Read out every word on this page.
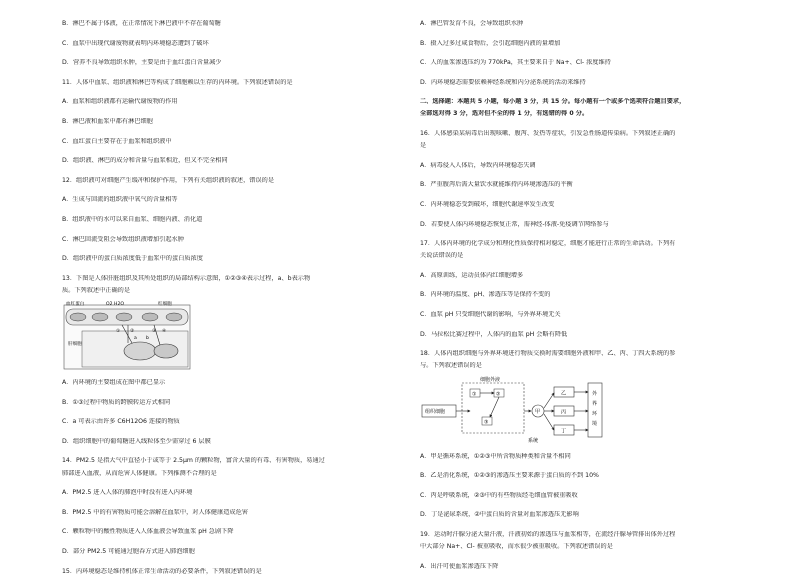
B．淋巴不属于体液，在正常情况下淋巴液中不存在葡萄糖
C．血浆中出现代谢废物就表明内环境稳态遭到了破坏
D．营养不良导致组织水肿，主要是由于血红蛋白含量减少
11．人体中血浆、组织液和淋巴等构成了细胞赖以生存的内环境。下列叙述错误的是
A．血浆和组织液都有运输代谢废物的作用
B．淋巴液和血浆中都有淋巴细胞
C．血红蛋白主要存在于血浆和组织液中
D．组织液、淋巴的成分和含量与血浆相近，但又不完全相同
12．组织液可对细胞产生缓冲和保护作用，下列有关组织液的叙述，错误的是
A．生成与回流的组织液中氧气的含量相等
B．组织液中的水可以来自血浆、细胞内液、消化道
C．淋巴回流受阻会导致组织液增加引起水肿
D．组织液中的蛋白质浓度低于血浆中的蛋白质浓度
13．下图是人体肝脏组织及其所处组织的局部结构示意图，①②③④表示过程，a、b表示物
质。下列叙述中正确的是
血红蛋白	O2 H2O	红细胞
肝细胞
① ②	③ ④
a b
A．内环境的主要组成在图中都已显示
B．①③过程中物质的跨膜转运方式相同
C．a 可表示由许多 C6H12O6 连接的物质
D．组织细胞中的葡萄糖进入线粒体至少需穿过 6 层膜
14．PM2.5 是指大气中直径小于或等于 2.5μm 的颗粒物，富含大量的有毒、有害物质，易通过
肺部进入血液，从而危害人体健康。下列推测不合理的是
A．PM2.5 进入人体的肺泡中时没有进入内环境
B．PM2.5 中的有害物质可能会溶解在血浆中，对人体健康造成危害
C．颗粒物中的酸性物质进入人体血液会导致血浆 pH 急剧下降
D．部分 PM2.5 可能通过胞吞方式进入肺泡细胞
15．内环境稳态是维持机体正常生命活动的必要条件，下列叙述错误的是
A．淋巴管发育不良，会导致组织水肿
B．摄入过多过咸食物后，会引起细胞内液的量增加
C．人的血浆渗透压约为 770kPa，其主要来自于 Na+、Cl- 浓度维持
D．内环境稳态需要依赖神经系统和内分泌系统的活动来维持
二、选择题：本题共 5 小题，每小题 3 分，共 15 分。每小题有一个或多个选项符合题目要求，
全部选对得 3 分，选对但不全的得 1 分，有选错的得 0 分。
16．人体感染某病毒后出现咳嗽、腹泻、发热等症状，引发急性肠道传染病。下列叙述正确的
是
A．病毒侵入人体后，导致内环境稳态失调
B．严重腹泻后需大量饮水就能维持内环境渗透压的平衡
C．内环境稳态受到破坏，细胞代谢速率发生改变
D．若要使人体内环境稳态恢复正常，需神经-体液-免疫调节网络参与
17．人体内环境的化学成分和理化性质保持相对稳定，细胞才能进行正常的生命活动。下列有
关说法错误的是
A．高原训练，运动员体内红细胞增多
B．内环境的温度、pH、渗透压等是保持不变的
C．血浆 pH 只受细胞代谢的影响，与外界环境无关
D．马拉松比赛过程中，人体内的血浆 pH 会略有降低
18．人体内组织细胞与外界环境进行物质交换时需要细胞外液和甲、乙、丙、丁四大系统的参
与。下列叙述错误的是
组织细胞
细胞外液
①	②
③
甲
乙
丙
丁
外
界
环
境
系统
A．甲是循环系统，①②③中所含物质种类和含量不相同
B．乙是消化系统，①②③的渗透压主要来源于蛋白质的不到 10%
C．丙是呼吸系统，②③中的有些物质经毛细血管被重吸收
D．丁是泌尿系统，②中蛋白质的含量对血浆渗透压无影响
19．运动时汗腺分泌大量汗液，汗液初始的渗透压与血浆相等，在流经汗腺导管排出体外过程
中大部分 Na+、Cl- 被重吸收，而水很少被重吸收。下列叙述错误的是
A．出汗可使血浆渗透压下降
